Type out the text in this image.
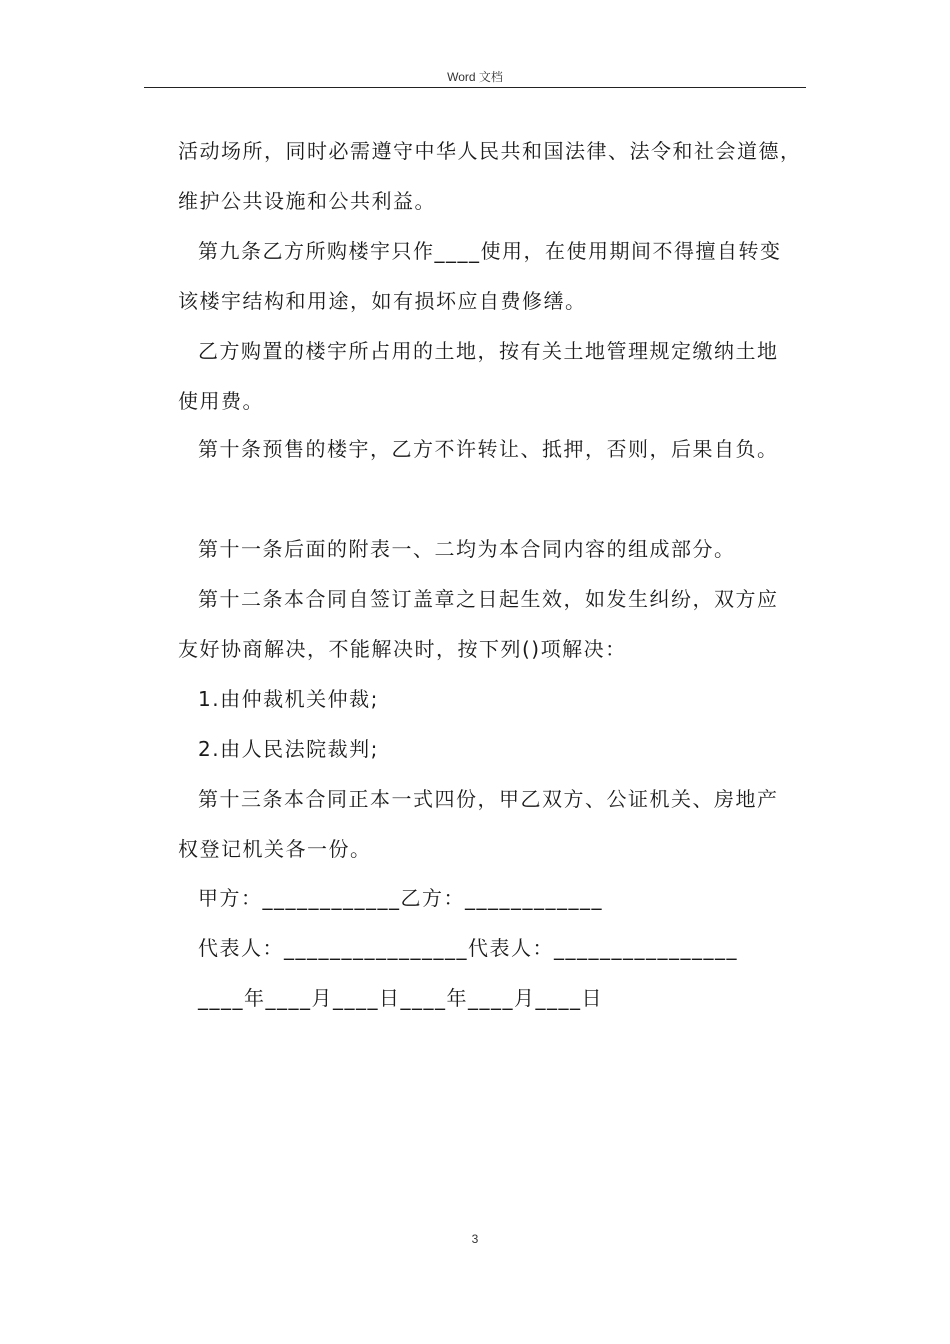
Word 文档
活动场所，同时必需遵守中华人民共和国法律、法令和社会道德，
维护公共设施和公共利益。
第九条乙方所购楼宇只作____使用，在使用期间不得擅自转变
该楼宇结构和用途，如有损坏应自费修缮。
乙方购置的楼宇所占用的土地，按有关土地管理规定缴纳土地
使用费。
第十条预售的楼宇，乙方不许转让、抵押，否则，后果自负。
第十一条后面的附表一、二均为本合同内容的组成部分。
第十二条本合同自签订盖章之日起生效，如发生纠纷，双方应
友好协商解决，不能解决时，按下列()项解决：
1.由仲裁机关仲裁;
2.由人民法院裁判;
第十三条本合同正本一式四份，甲乙双方、公证机关、房地产
权登记机关各一份。
甲方：____________乙方：____________
代表人：________________代表人：________________
____年____月____日____年____月____日
3
